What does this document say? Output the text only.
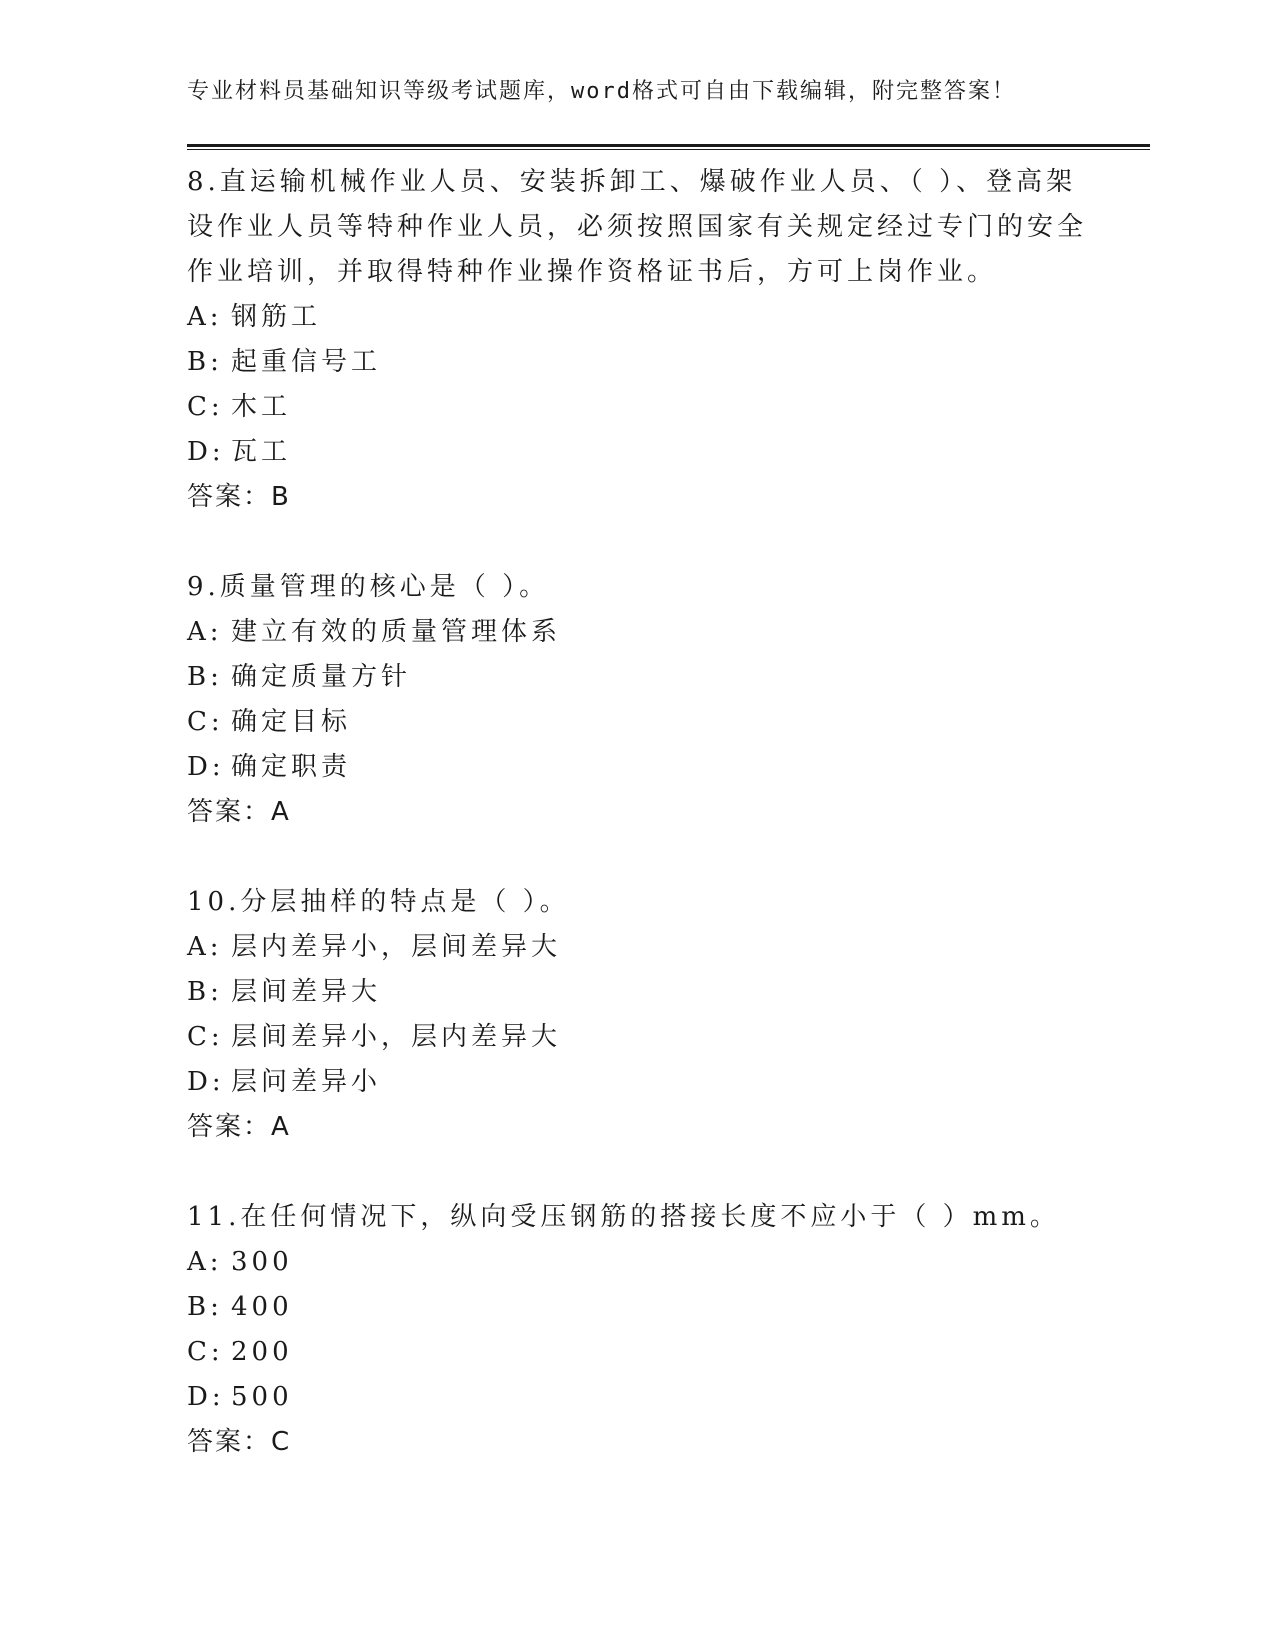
专业材料员基础知识等级考试题库，word格式可自由下载编辑，附完整答案！

8.直运输机械作业人员、安装拆卸工、爆破作业人员、（ ）、登高架设作业人员等特种作业人员，必须按照国家有关规定经过专门的安全作业培训，并取得特种作业操作资格证书后，方可上岗作业。

A: 钢筋工
B: 起重信号工
C: 木工
D: 瓦工
答案：B

9.质量管理的核心是（ ）。

A: 建立有效的质量管理体系
B: 确定质量方针
C: 确定目标
D: 确定职责
答案：A

10.分层抽样的特点是（ ）。

A: 层内差异小，层间差异大
B: 层间差异大
C: 层间差异小，层内差异大
D: 层问差异小
答案：A

11.在任何情况下，纵向受压钢筋的搭接长度不应小于（ ）mm。

A: 300
B: 400
C: 200
D: 500
答案：C
